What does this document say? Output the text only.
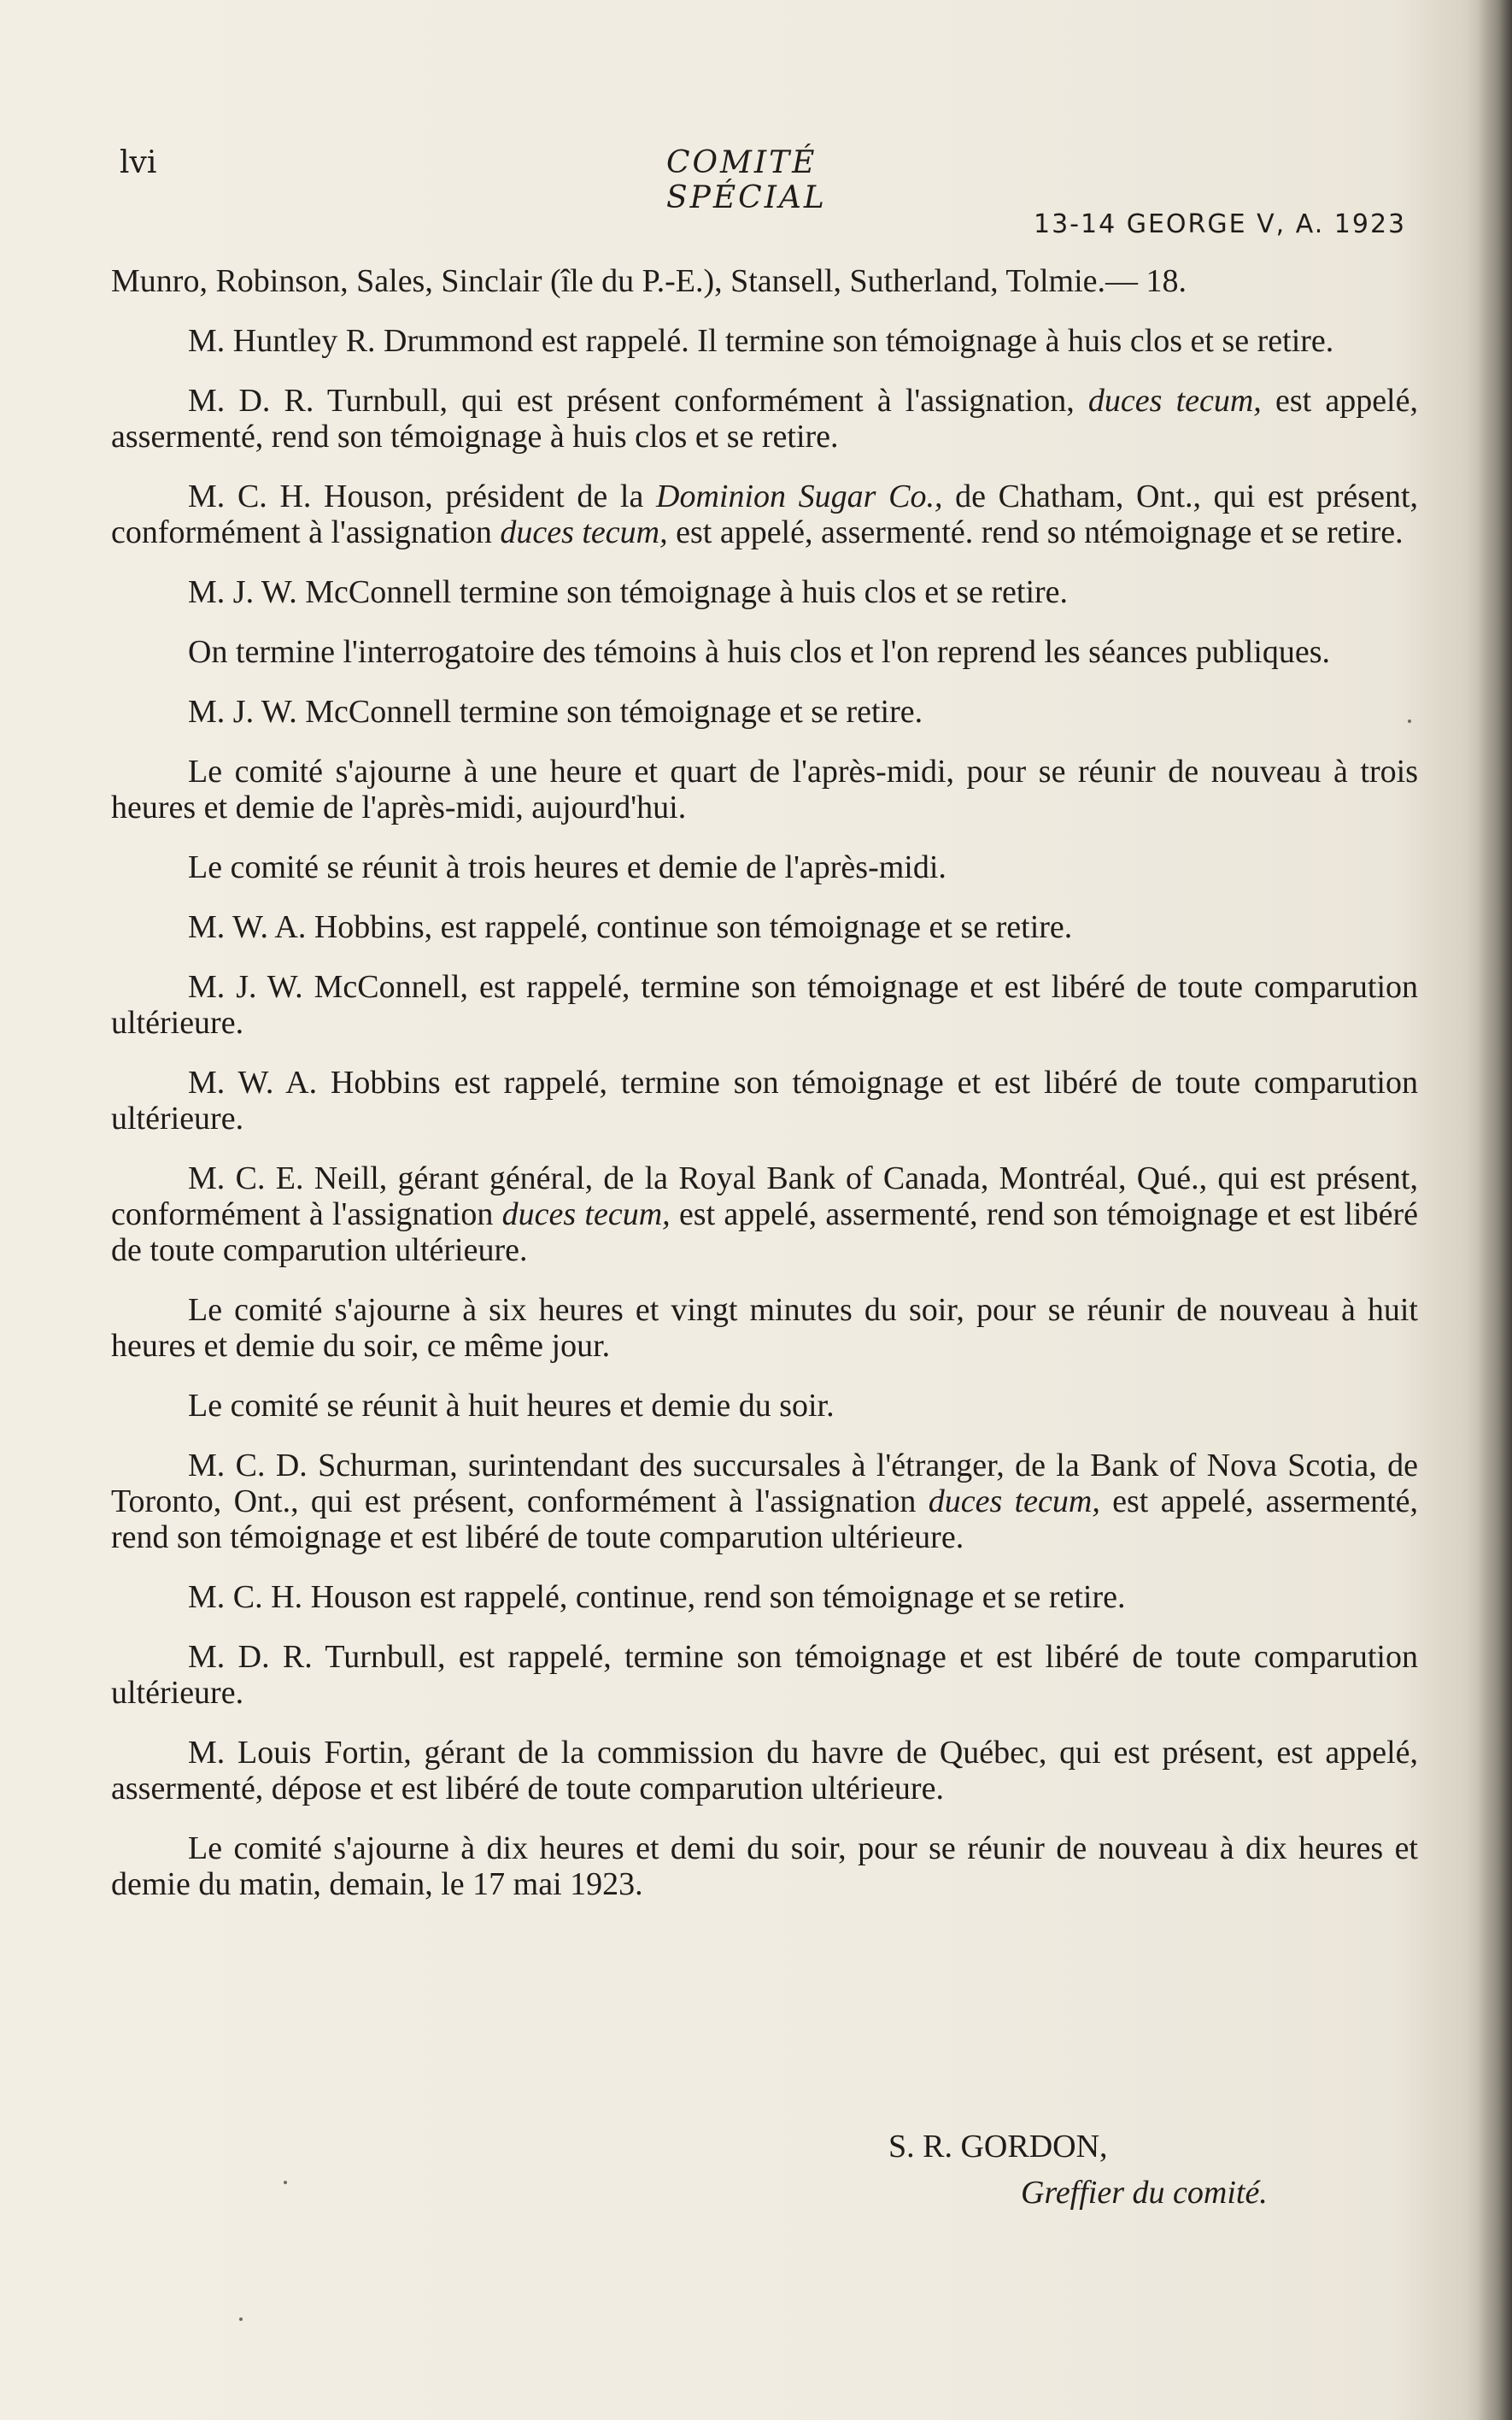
lvi	COMITÉ SPÉCIAL
13-14 GEORGE V, A. 1923

Munro, Robinson, Sales, Sinclair (île du P.-E.), Stansell, Sutherland, Tolmie.— 18.

M. Huntley R. Drummond est rappelé. Il termine son témoignage à huis clos et se retire.

M. D. R. Turnbull, qui est présent conformément à l'assignation, duces tecum, est appelé, assermenté, rend son témoignage à huis clos et se retire.

M. C. H. Houson, président de la Dominion Sugar Co., de Chatham, Ont., qui est présent, conformément à l'assignation duces tecum, est appelé, assermenté. rend so ntémoignage et se retire.

M. J. W. McConnell termine son témoignage à huis clos et se retire.

On termine l'interrogatoire des témoins à huis clos et l'on reprend les séances publiques.

M. J. W. McConnell termine son témoignage et se retire.

Le comité s'ajourne à une heure et quart de l'après-midi, pour se réunir de nouveau à trois heures et demie de l'après-midi, aujourd'hui.

Le comité se réunit à trois heures et demie de l'après-midi.

M. W. A. Hobbins, est rappelé, continue son témoignage et se retire.

M. J. W. McConnell, est rappelé, termine son témoignage et est libéré de toute comparution ultérieure.

M. W. A. Hobbins est rappelé, termine son témoignage et est libéré de toute comparution ultérieure.

M. C. E. Neill, gérant général, de la Royal Bank of Canada, Montréal, Qué., qui est présent, conformément à l'assignation duces tecum, est appelé, assermenté, rend son témoignage et est libéré de toute comparution ultérieure.

Le comité s'ajourne à six heures et vingt minutes du soir, pour se réunir de nouveau à huit heures et demie du soir, ce même jour.

Le comité se réunit à huit heures et demie du soir.

M. C. D. Schurman, surintendant des succursales à l'étranger, de la Bank of Nova Scotia, de Toronto, Ont., qui est présent, conformément à l'assignation duces tecum, est appelé, assermenté, rend son témoignage et est libéré de toute comparution ultérieure.

M. C. H. Houson est rappelé, continue, rend son témoignage et se retire.

M. D. R. Turnbull, est rappelé, termine son témoignage et est libéré de toute comparution ultérieure.

M. Louis Fortin, gérant de la commission du havre de Québec, qui est présent, est appelé, assermenté, dépose et est libéré de toute comparution ultérieure.

Le comité s'ajourne à dix heures et demi du soir, pour se réunir de nouveau à dix heures et demie du matin, demain, le 17 mai 1923.

S. R. GORDON,
Greffier du comité.
